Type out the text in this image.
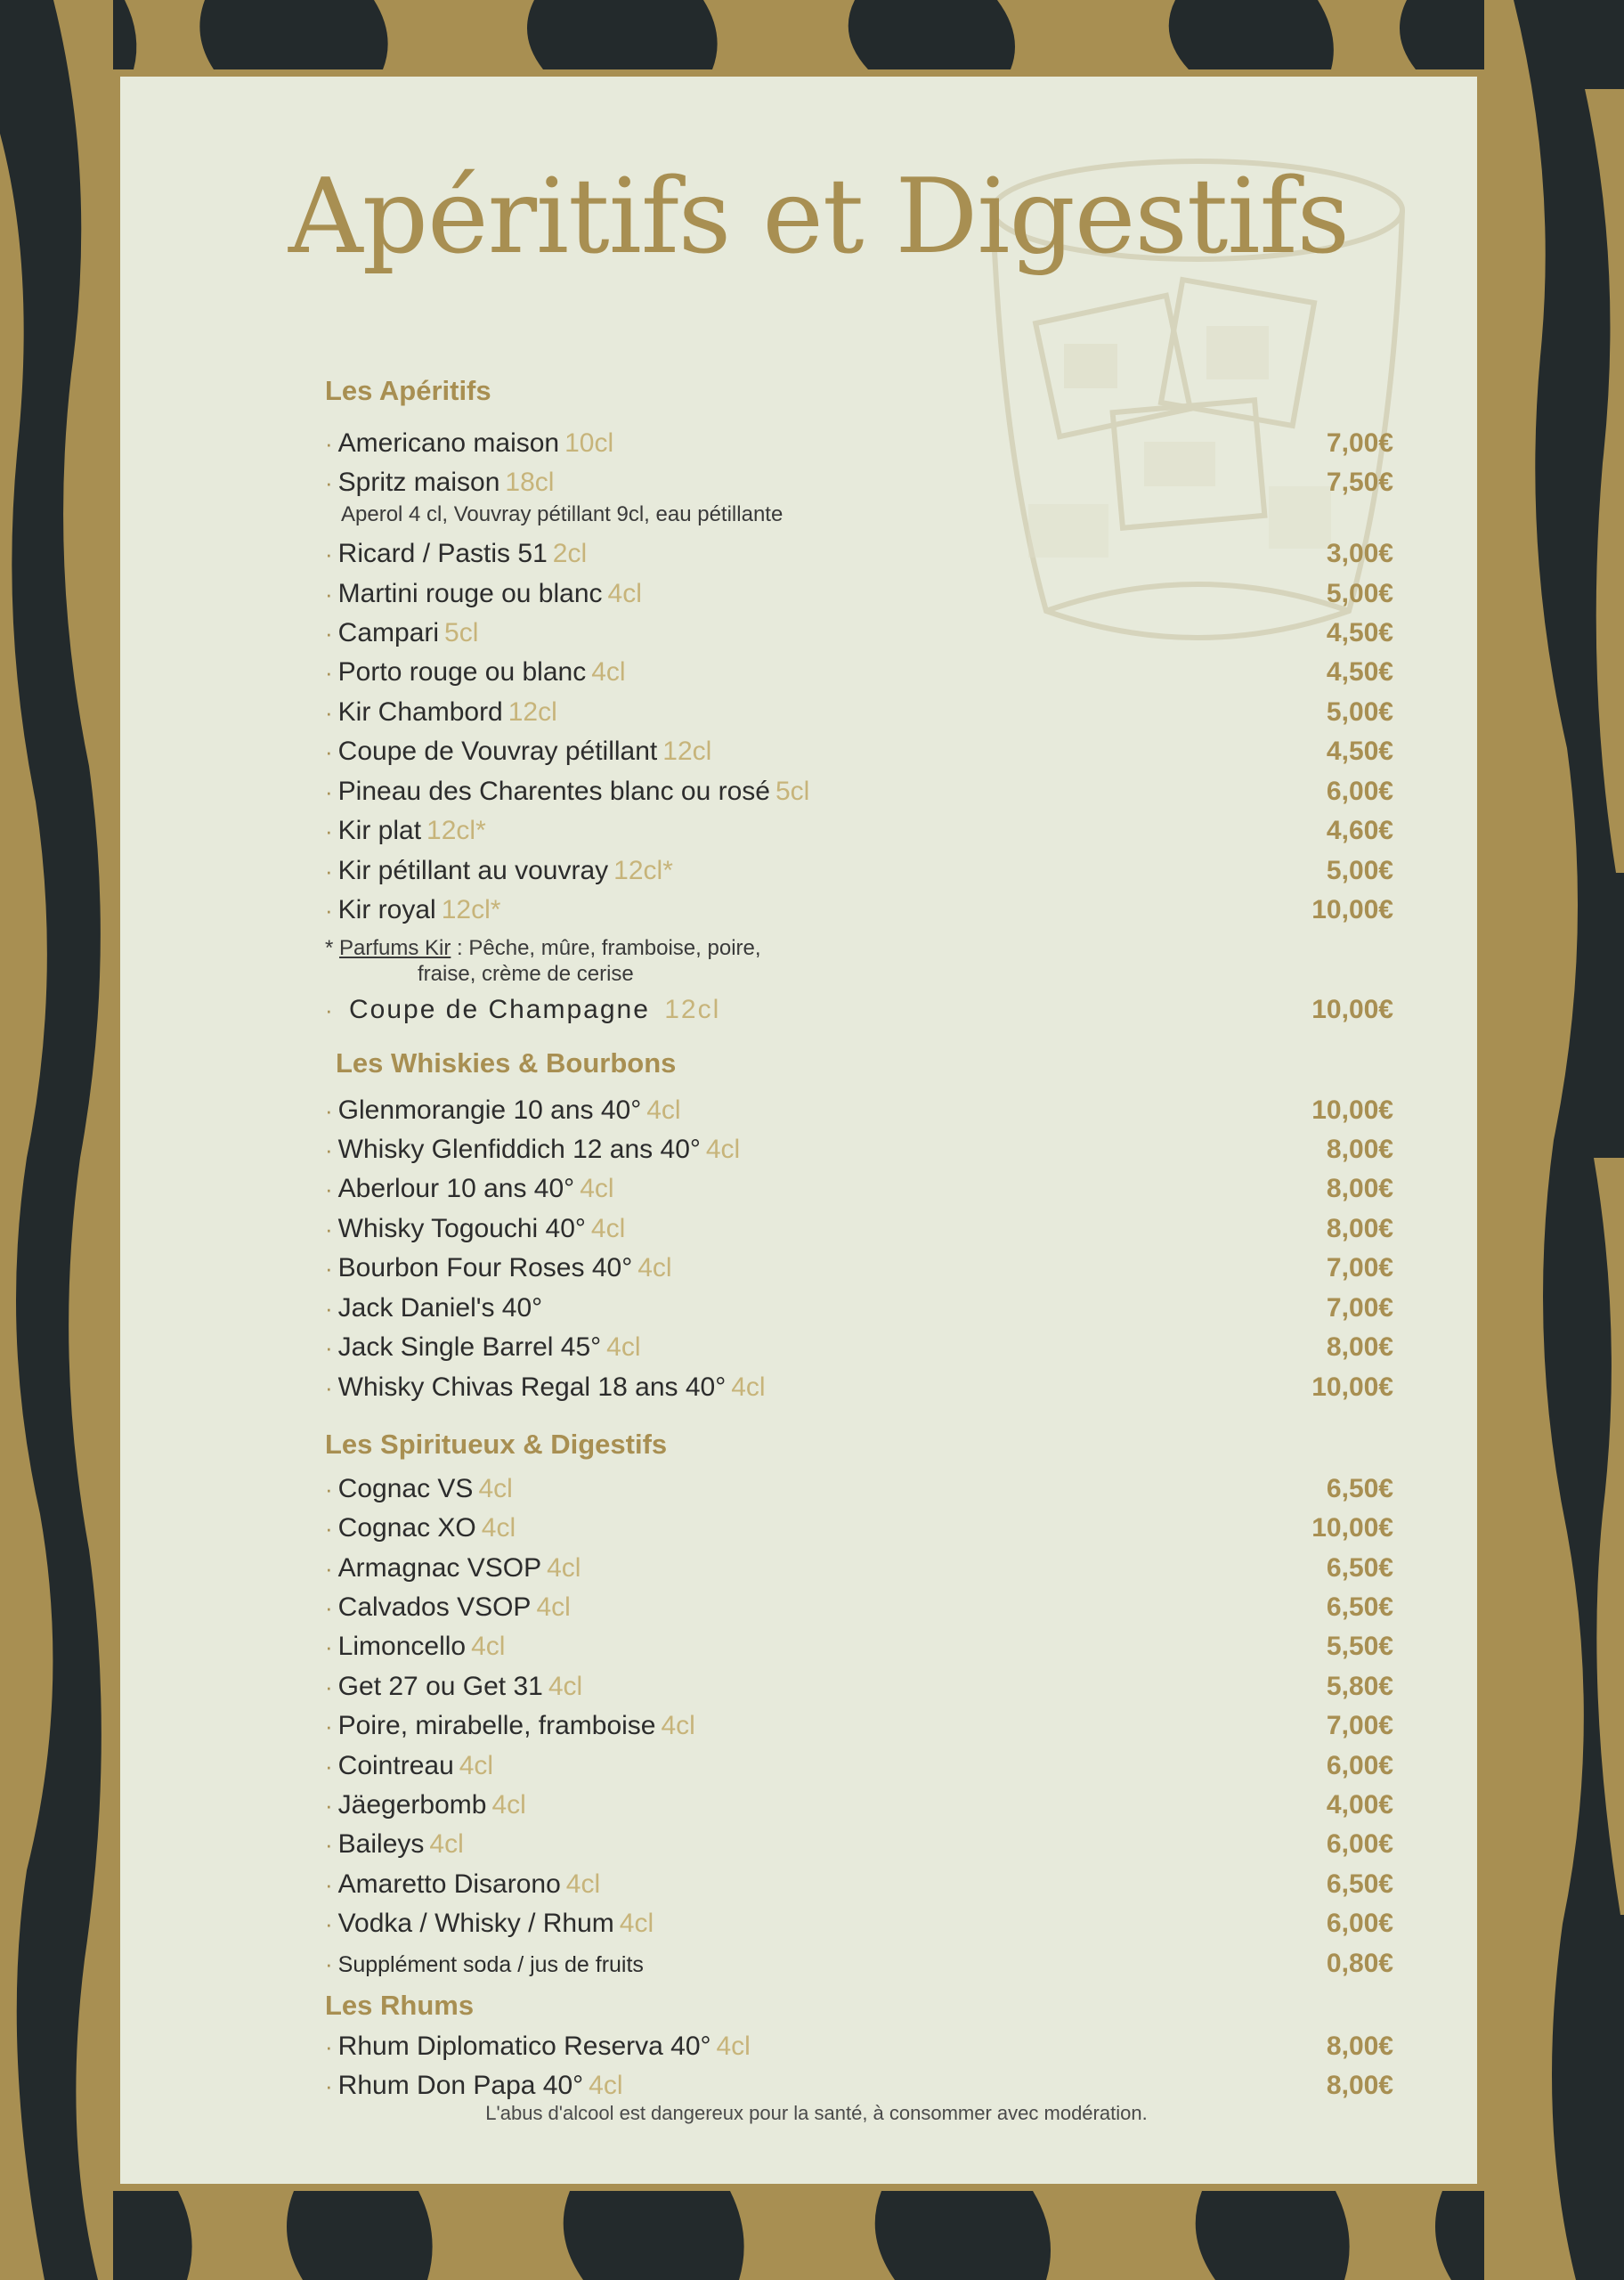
Apéritifs et Digestifs
Les Apéritifs
· Americano maison 10cl	7,00€
· Spritz maison 18cl	7,50€
Aperol 4 cl, Vouvray pétillant 9cl, eau pétillante
· Ricard / Pastis 51 2cl	3,00€
· Martini rouge ou blanc 4cl	5,00€
· Campari 5cl	4,50€
· Porto rouge ou blanc 4cl	4,50€
· Kir Chambord 12cl	5,00€
· Coupe de Vouvray pétillant 12cl	4,50€
· Pineau des Charentes blanc ou rosé 5cl	6,00€
· Kir plat 12cl*	4,60€
· Kir pétillant au vouvray 12cl*	5,00€
· Kir royal 12cl*	10,00€
* Parfums Kir : Pêche, mûre, framboise, poire,
fraise, crème de cerise
· Coupe de Champagne 12cl	10,00€
Les Whiskies & Bourbons
· Glenmorangie 10 ans 40° 4cl	10,00€
· Whisky Glenfiddich 12 ans 40° 4cl	8,00€
· Aberlour 10 ans 40° 4cl	8,00€
· Whisky Togouchi 40° 4cl	8,00€
· Bourbon Four Roses 40° 4cl	7,00€
· Jack Daniel's 40°	7,00€
· Jack Single Barrel 45° 4cl	8,00€
· Whisky Chivas Regal 18 ans 40° 4cl	10,00€
Les Spiritueux & Digestifs
· Cognac VS 4cl	6,50€
· Cognac XO 4cl	10,00€
· Armagnac VSOP 4cl	6,50€
· Calvados VSOP 4cl	6,50€
· Limoncello 4cl	5,50€
· Get 27 ou Get 31 4cl	5,80€
· Poire, mirabelle, framboise 4cl	7,00€
· Cointreau 4cl	6,00€
· Jäegerbomb 4cl	4,00€
· Baileys 4cl	6,00€
· Amaretto Disarono 4cl	6,50€
· Vodka / Whisky / Rhum 4cl	6,00€
· Supplément soda / jus de fruits	0,80€
Les Rhums
· Rhum Diplomatico Reserva 40° 4cl	8,00€
· Rhum Don Papa 40° 4cl	8,00€
L'abus d'alcool est dangereux pour la santé, à consommer avec modération.
